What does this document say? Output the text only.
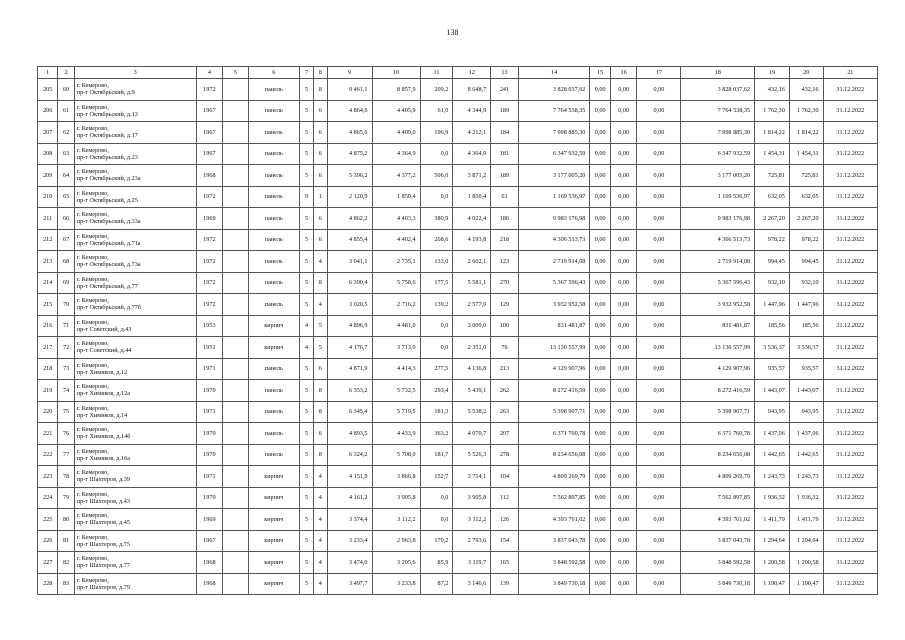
138
1	2	3	4	5	6	7	8	9	10	11	12	13	14	15	16	17	18	19	20	21
205	60	г. Кемерово,
пр-т Октябрьский, д.9	1972		панель	5	8	9 461,1	8 857,9	209,2	8 648,7	241	3 828 037,62	0,00	0,00	0,00	3 828 037,62	432,16	432,16	31.12.2022
206	61	г. Кемерово,
пр-т Октябрьский, д.13	1967		панель	5	6	4 864,6	4 405,9	61,0	4 344,9	189	7 764 538,35	0,00	0,00	0,00	7 764 538,35	1 762,30	1 762,30	31.12.2022
207	62	г. Кемерово,
пр-т Октябрьский, д.17	1967		панель	5	6	4 865,6	4 409,0	196,9	4 212,1	184	7 998 885,30	0,00	0,00	0,00	7 998 885,30	1 814,22	1 814,22	31.12.2022
208	63	г. Кемерово,
пр-т Октябрьский, д.23	1967		панель	5	6	4 875,2	4 364,9	0,0	4 364,9	181	6 347 932,59	0,00	0,00	0,00	6 347 932,59	1 454,31	1 454,31	31.12.2022
209	64	г. Кемерово,
пр-т Октябрьский, д.23а	1968		панель	5	6	5 396,2	4 377,2	506,0	3 871,2	189	3 177 005,20	0,00	0,00	0,00	3 177 005,20	725,81	725,81	31.12.2022
210	65	г. Кемерово,
пр-т Октябрьский, д.25	1972		панель	9	1	2 120,9	1 850,4	0,0	1 850,4	61	1 169 536,97	0,00	0,00	0,00	1 169 536,97	632,05	632,05	31.12.2022
211	66	г. Кемерово,
пр-т Октябрьский, д.33а	1969		панель	5	6	4 862,2	4 403,3	380,9	4 022,4	186	9 983 176,98	0,00	0,00	0,00	9 983 176,98	2 267,20	2 267,20	31.12.2022
212	67	г. Кемерово,
пр-т Октябрьский, д.71а	1972		панель	5	6	4 855,4	4 402,4	208,6	4 193,8	218	4 306 513,73	0,00	0,00	0,00	4 306 513,73	978,22	978,22	31.12.2022
213	68	г. Кемерово,
пр-т Октябрьский, д.73а	1972		панель	5	4	3 041,1	2 735,1	133,0	2 602,1	123	2 719 914,08	0,00	0,00	0,00	2 719 914,08	994,45	994,45	31.12.2022
214	69	г. Кемерово,
пр-т Октябрьский, д.77	1972		панель	5	8	6 390,4	5 758,6	177,5	5 581,1	270	5 367 596,43	0,00	0,00	0,00	5 367 596,43	932,10	932,10	31.12.2022
215	70	г. Кемерово,
пр-т Октябрьский, д.77б	1972		панель	5	4	3 020,5	2 716,2	139,2	2 577,0	129	3 932 952,58	0,00	0,00	0,00	3 932 952,58	1 447,96	1 447,96	31.12.2022
216	71	г. Кемерово,
пр-т Советский, д.43	1953		кирпич	4	5	4 896,9	4 481,0	0,0	3 009,0	100	831 481,87	0,00	0,00	0,00	831 481,87	185,56	185,56	31.12.2022
217	72	г. Кемерово,
пр-т Советский, д.44	1951		кирпич	4	5	4 176,7	3 713,0	0,0	2 351,0	76	13 130 557,99	0,00	0,00	0,00	13 130 557,99	3 536,37	3 536,37	31.12.2022
218	73	г. Кемерово,
пр-т Химиков, д.12	1971		панель	5	6	4 871,9	4 414,3	277,5	4 136,8	213	4 129 907,96	0,00	0,00	0,00	4 129 907,96	935,57	935,57	31.12.2022
219	74	г. Кемерово,
пр-т Химиков, д.12а	1970		панель	5	8	6 353,2	5 732,5	293,4	5 439,1	262	8 272 416,59	0,00	0,00	0,00	8 272 416,59	1 443,07	1 443,07	31.12.2022
220	75	г. Кемерово,
пр-т Химиков, д.14	1971		панель	5	8	6 345,4	5 719,5	181,3	5 538,2	263	5 398 907,71	0,00	0,00	0,00	5 398 907,71	943,95	943,95	31.12.2022
221	76	г. Кемерово,
пр-т Химиков, д.14б	1970		панель	5	6	4 893,5	4 433,9	363,2	4 070,7	207	6 371 760,78	0,00	0,00	0,00	6 371 760,78	1 437,06	1 437,06	31.12.2022
222	77	г. Кемерово,
пр-т Химиков, д.16а	1970		панель	5	8	6 324,2	5 708,0	181,7	5 526,3	278	8 234 656,08	0,00	0,00	0,00	8 234 656,08	1 442,65	1 442,65	31.12.2022
223	78	г. Кемерово,
пр-т Шахтеров, д.39	1971		кирпич	5	4	4 151,9	3 866,8	152,7	3 714,1	104	4 809 269,79	0,00	0,00	0,00	4 809 269,79	1 243,73	1 243,73	31.12.2022
224	79	г. Кемерово,
пр-т Шахтеров, д.43	1970		кирпич	5	4	4 161,2	3 905,8	0,0	3 905,8	112	7 562 897,85	0,00	0,00	0,00	7 562 897,85	1 936,32	1 936,32	31.12.2022
225	80	г. Кемерово,
пр-т Шахтеров, д.45	1969		кирпич	5	4	3 374,4	3 112,2	0,0	3 112,2	126	4 393 761,02	0,00	0,00	0,00	4 393 761,02	1 411,79	1 411,79	31.12.2022
226	81	г. Кемерово,
пр-т Шахтеров, д.75	1967		кирпич	5	4	3 233,4	2 963,8	170,2	2 793,6	154	3 837 043,78	0,00	0,00	0,00	3 837 043,78	1 294,64	1 294,64	31.12.2022
227	82	г. Кемерово,
пр-т Шахтеров, д.77	1968		кирпич	5	4	3 474,0	3 205,6	85,9	3 119,7	165	3 848 592,58	0,00	0,00	0,00	3 848 592,58	1 200,58	1 200,58	31.12.2022
228	83	г. Кемерово,
пр-т Шахтеров, д.79	1968		кирпич	5	4	3 497,7	3 233,8	87,2	3 146,6	139	3 849 730,18	0,00	0,00	0,00	3 849 730,18	1 190,47	1 190,47	31.12.2022
